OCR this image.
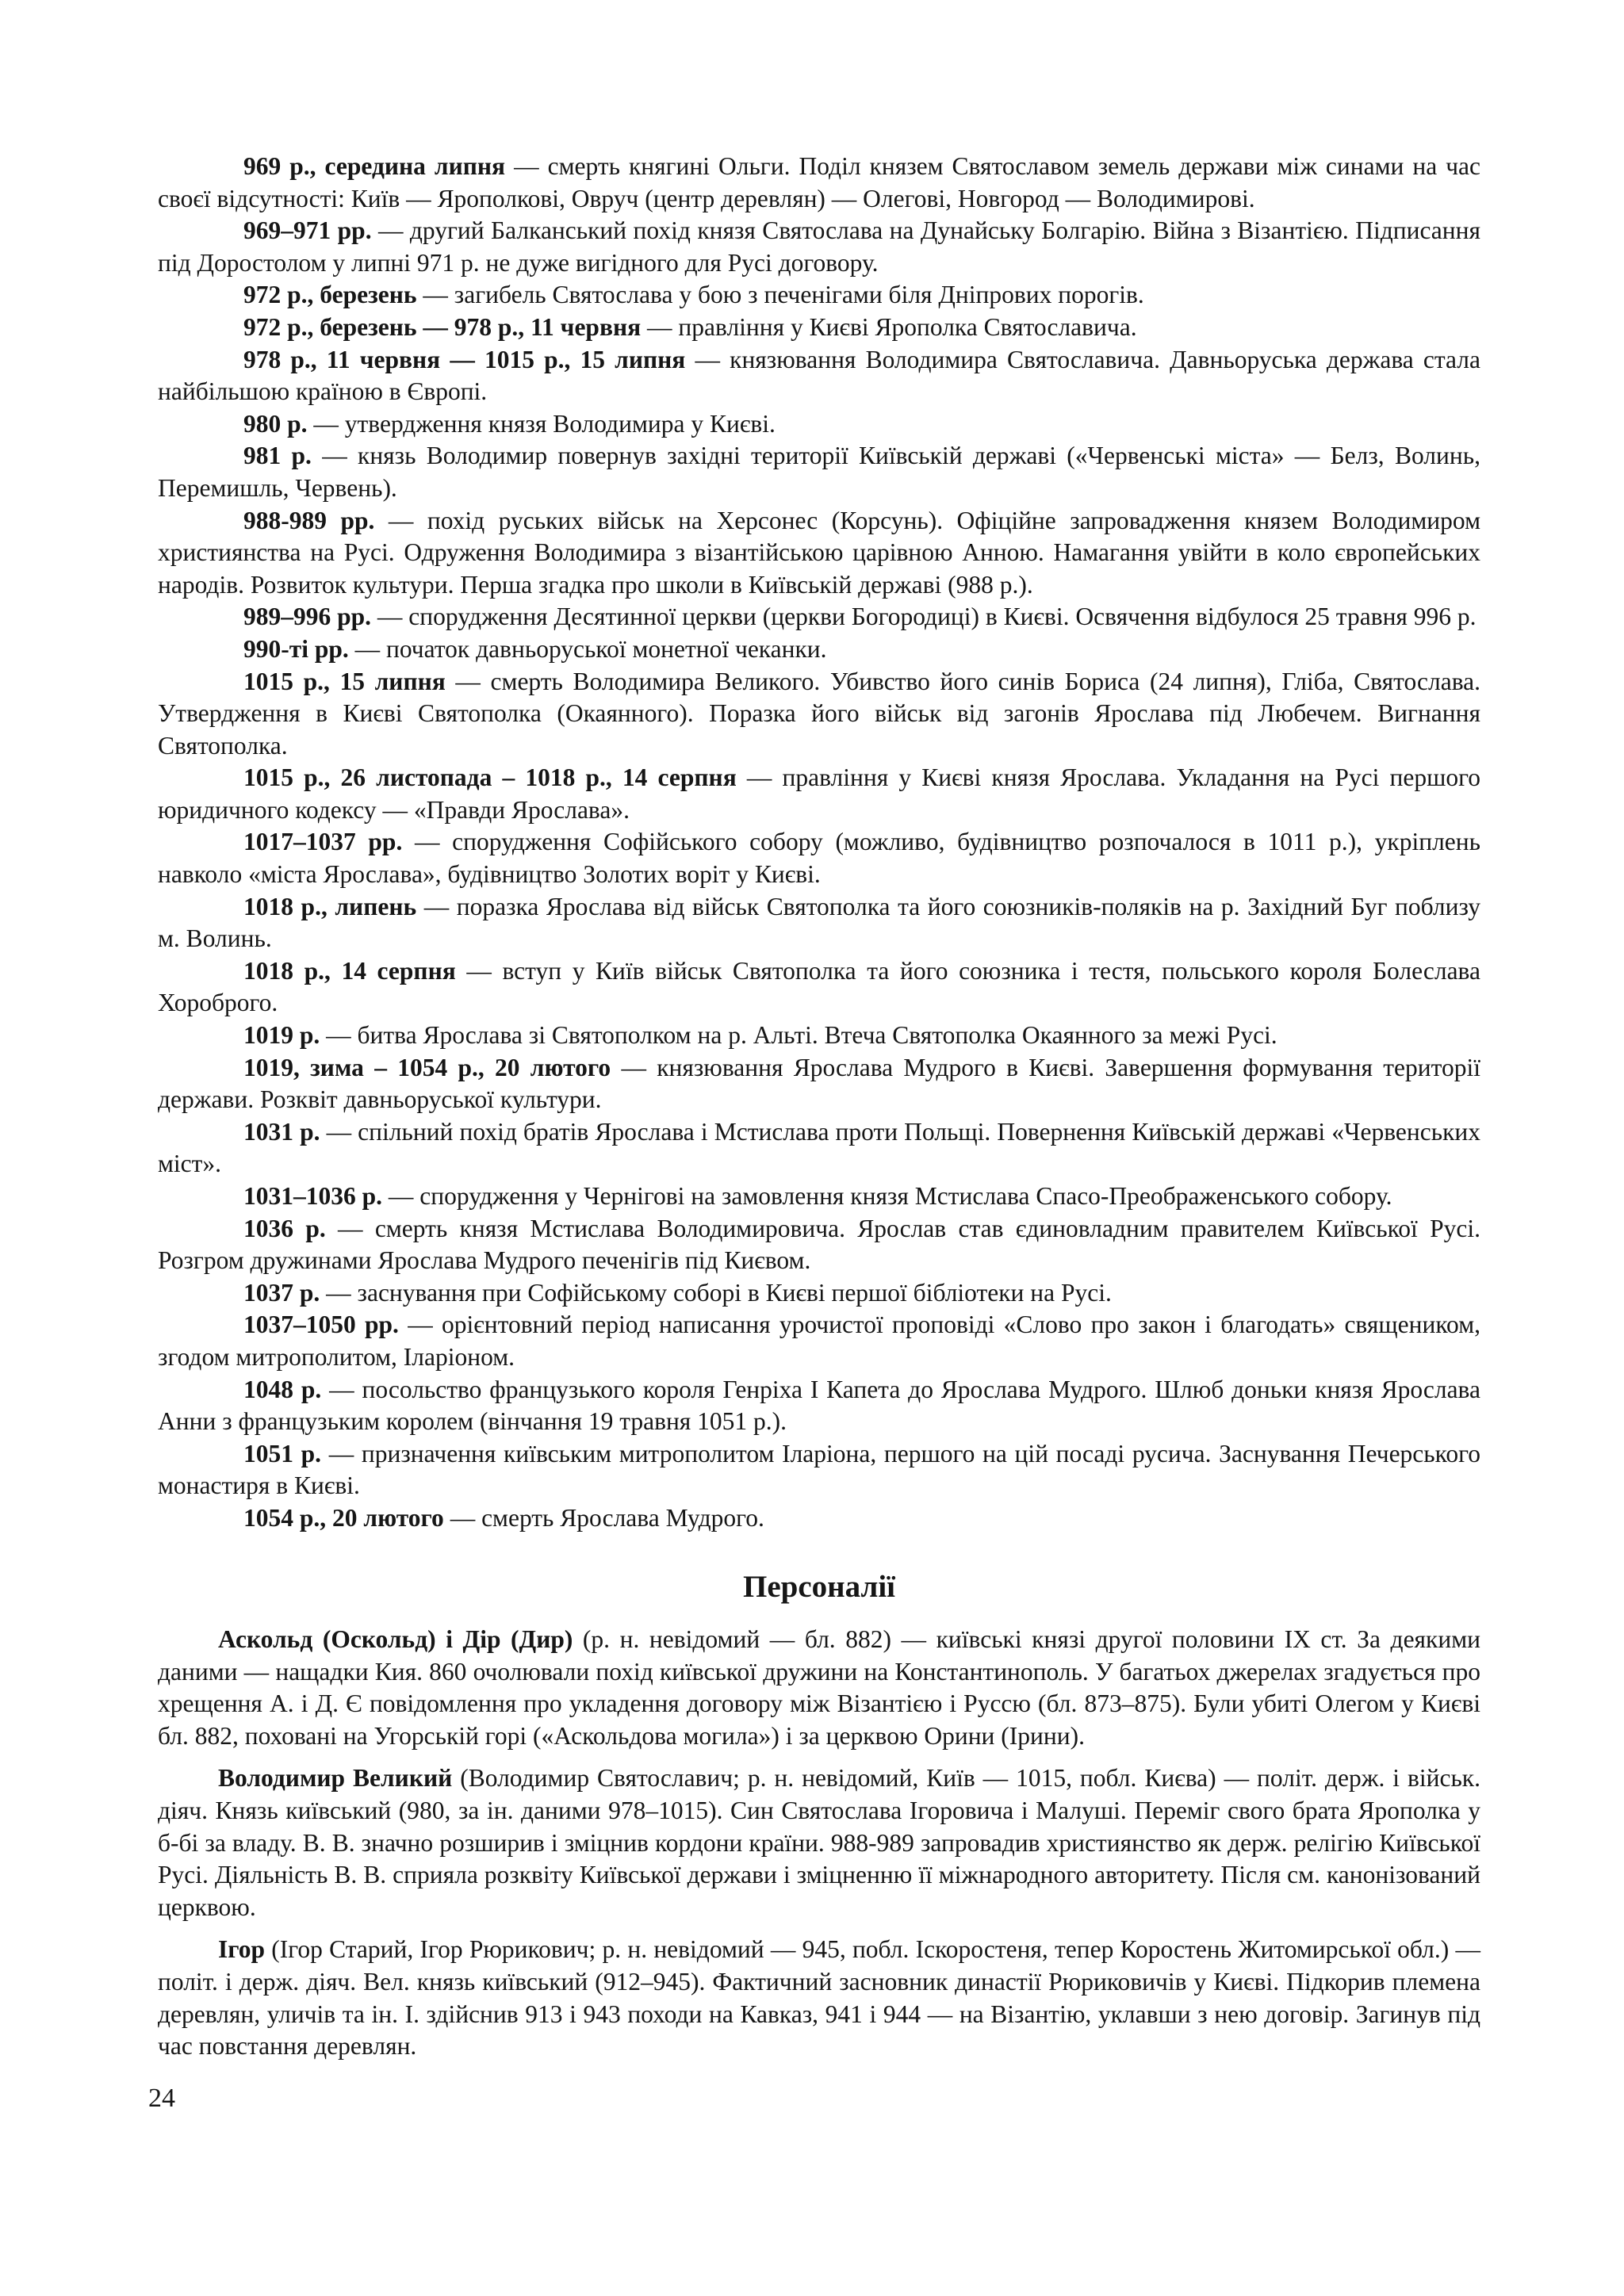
969 р., середина липня — смерть княгині Ольги. Поділ князем Святославом земель держави між синами на час своєї відсутності: Київ — Ярополкові, Овруч (центр деревлян) — Олегові, Новгород — Володимирові.

969–971 рр. — другий Балканський похід князя Святослава на Дунайську Болгарію. Війна з Візантією. Підписання під Доростолом у липні 971 р. не дуже вигідного для Русі договору.

972 р., березень — загибель Святослава у бою з печенігами біля Дніпрових порогів.

972 р., березень — 978 р., 11 червня — правління у Києві Ярополка Святославича.

978 р., 11 червня — 1015 р., 15 липня — князювання Володимира Святославича. Давньоруська держава стала найбільшою країною в Європі.

980 р. — утвердження князя Володимира у Києві.

981 р. — князь Володимир повернув західні території Київській державі («Червенські міста» — Белз, Волинь, Перемишль, Червень).

988-989 рр. — похід руських військ на Херсонес (Корсунь). Офіційне запровадження князем Володимиром християнства на Русі. Одруження Володимира з візантійською царівною Анною. Намагання увійти в коло європейських народів. Розвиток культури. Перша згадка про школи в Київській державі (988 р.).

989–996 рр. — спорудження Десятинної церкви (церкви Богородиці) в Києві. Освячення відбулося 25 травня 996 р.

990-ті рр. — початок давньоруської монетної чеканки.

1015 р., 15 липня — смерть Володимира Великого. Убивство його синів Бориса (24 липня), Гліба, Святослава. Утвердження в Києві Святополка (Окаянного). Поразка його військ від загонів Ярослава під Любечем. Вигнання Святополка.

1015 р., 26 листопада – 1018 р., 14 серпня — правління у Києві князя Ярослава. Укладання на Русі першого юридичного кодексу — «Правди Ярослава».

1017–1037 рр. — спорудження Софійського собору (можливо, будівництво розпочалося в 1011 р.), укріплень навколо «міста Ярослава», будівництво Золотих воріт у Києві.

1018 р., липень — поразка Ярослава від військ Святополка та його союзників-поляків на р. Західний Буг поблизу м. Волинь.

1018 р., 14 серпня — вступ у Київ військ Святополка та його союзника і тестя, польського короля Болеслава Хороброго.

1019 р. — битва Ярослава зі Святополком на р. Альті. Втеча Святополка Окаянного за межі Русі.

1019, зима – 1054 р., 20 лютого — князювання Ярослава Мудрого в Києві. Завершення формування території держави. Розквіт давньоруської культури.

1031 р. — спільний похід братів Ярослава і Мстислава проти Польщі. Повернення Київській державі «Червенських міст».

1031–1036 р. — спорудження у Чернігові на замовлення князя Мстислава Спасо-Преображенського собору.

1036 р. — смерть князя Мстислава Володимировича. Ярослав став єдиновладним правителем Київської Русі. Розгром дружинами Ярослава Мудрого печенігів під Києвом.

1037 р. — заснування при Софійському соборі в Києві першої бібліотеки на Русі.

1037–1050 рр. — орієнтовний період написання урочистої проповіді «Слово про закон і благодать» священиком, згодом митрополитом, Іларіоном.

1048 р. — посольство французького короля Генріха І Капета до Ярослава Мудрого. Шлюб доньки князя Ярослава Анни з французьким королем (вінчання 19 травня 1051 р.).

1051 р. — призначення київським митрополитом Іларіона, першого на цій посаді русича. Заснування Печерського монастиря в Києві.

1054 р., 20 лютого — смерть Ярослава Мудрого.

Персоналії

Аскольд (Оскольд) і Дір (Дир) (р. н. невідомий — бл. 882) — київські князі другої половини IX ст. За деякими даними — нащадки Кия. 860 очолювали похід київської дружини на Константинополь. У багатьох джерелах згадується про хрещення А. і Д. Є повідомлення про укладення договору між Візантією і Руссю (бл. 873–875). Були убиті Олегом у Києві бл. 882, поховані на Угорській горі («Аскольдова могила») і за церквою Орини (Ірини).

Володимир Великий (Володимир Святославич; р. н. невідомий, Київ — 1015, побл. Києва) — політ. держ. і військ. діяч. Князь київський (980, за ін. даними 978–1015). Син Святослава Ігоровича і Малуші. Переміг свого брата Ярополка у б-бі за владу. В. В. значно розширив і зміцнив кордони країни. 988-989 запровадив християнство як держ. релігію Київської Русі. Діяльність В. В. сприяла розквіту Київської держави і зміцненню її міжнародного авторитету. Після см. канонізований церквою.

Ігор (Ігор Старий, Ігор Рюрикович; р. н. невідомий — 945, побл. Іскоростеня, тепер Коростень Житомирської обл.) — політ. і держ. діяч. Вел. князь київський (912–945). Фактичний засновник династії Рюриковичів у Києві. Підкорив племена деревлян, уличів та ін. І. здійснив 913 і 943 походи на Кавказ, 941 і 944 — на Візантію, уклавши з нею договір. Загинув під час повстання деревлян.

24
